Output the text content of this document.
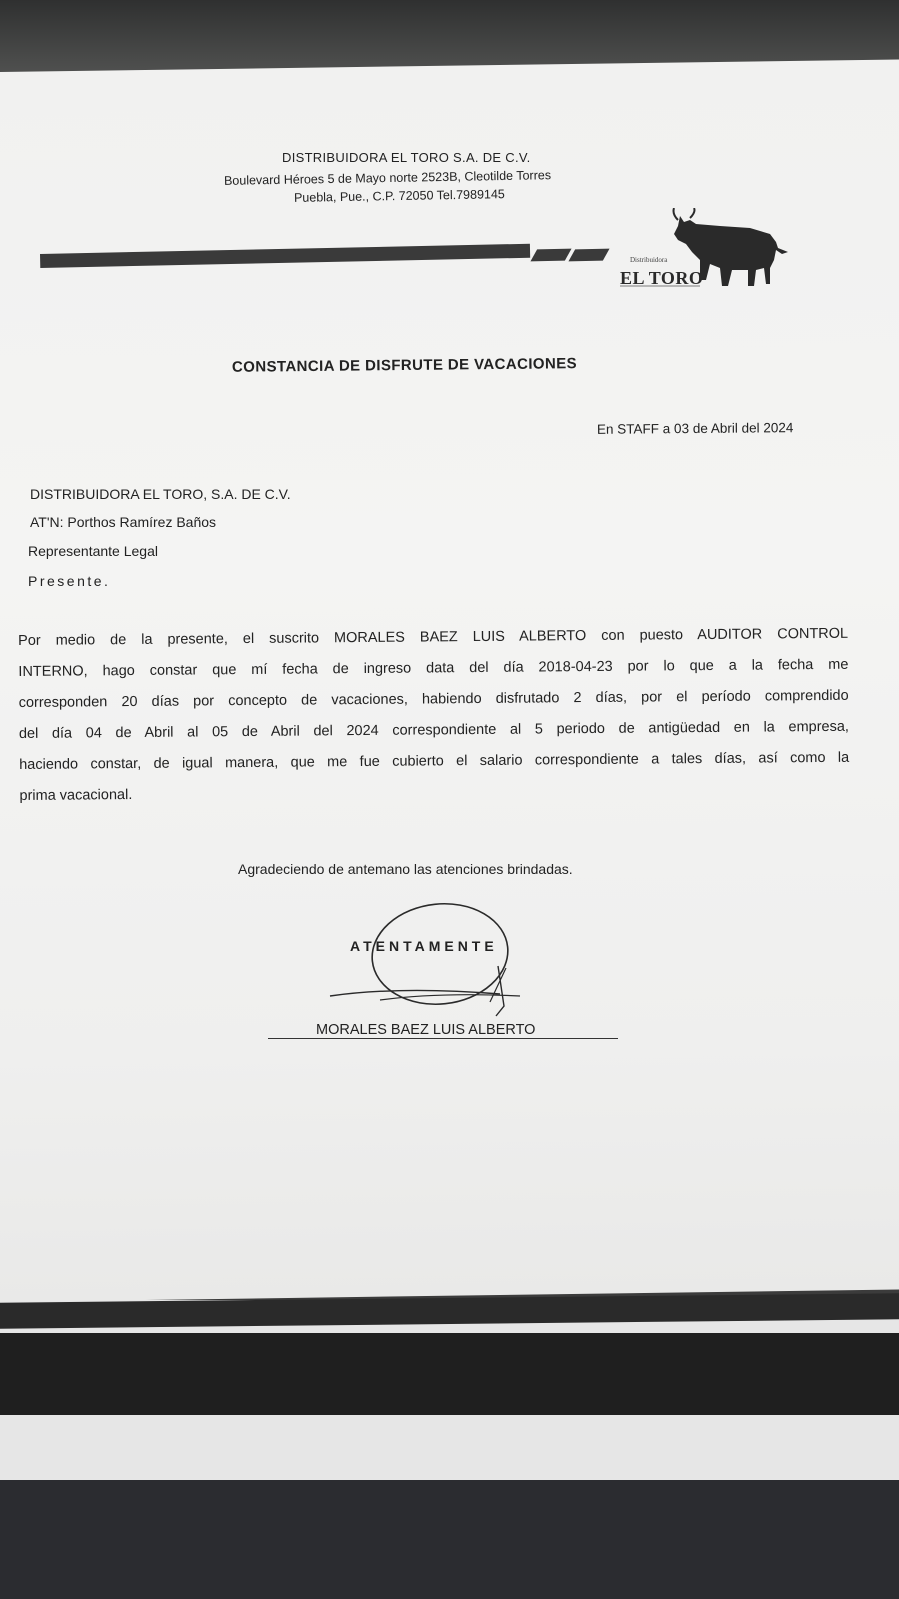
DISTRIBUIDORA EL TORO S.A. DE C.V.
Boulevard Héroes 5 de Mayo norte 2523B, Cleotilde Torres
Puebla, Pue., C.P. 72050 Tel.7989145
Distribuidora
EL TORO
CONSTANCIA DE DISFRUTE DE VACACIONES
En STAFF a 03 de Abril del 2024
DISTRIBUIDORA EL TORO, S.A. DE C.V.
AT'N: Porthos Ramírez Baños
Representante Legal
Presente.
Por medio de la presente, el suscrito MORALES BAEZ LUIS ALBERTO con puesto AUDITOR CONTROL
INTERNO, hago constar que mí fecha de ingreso data del día 2018-04-23 por lo que a la fecha me
corresponden 20 días por concepto de vacaciones, habiendo disfrutado 2 días, por el período comprendido
del día 04 de Abril al 05 de Abril del 2024 correspondiente al 5 periodo de antigüedad en la empresa,
haciendo constar, de igual manera, que me fue cubierto el salario correspondiente a tales días, así como la
prima vacacional.
Agradeciendo de antemano las atenciones brindadas.
ATENTAMENTE
MORALES BAEZ LUIS ALBERTO
